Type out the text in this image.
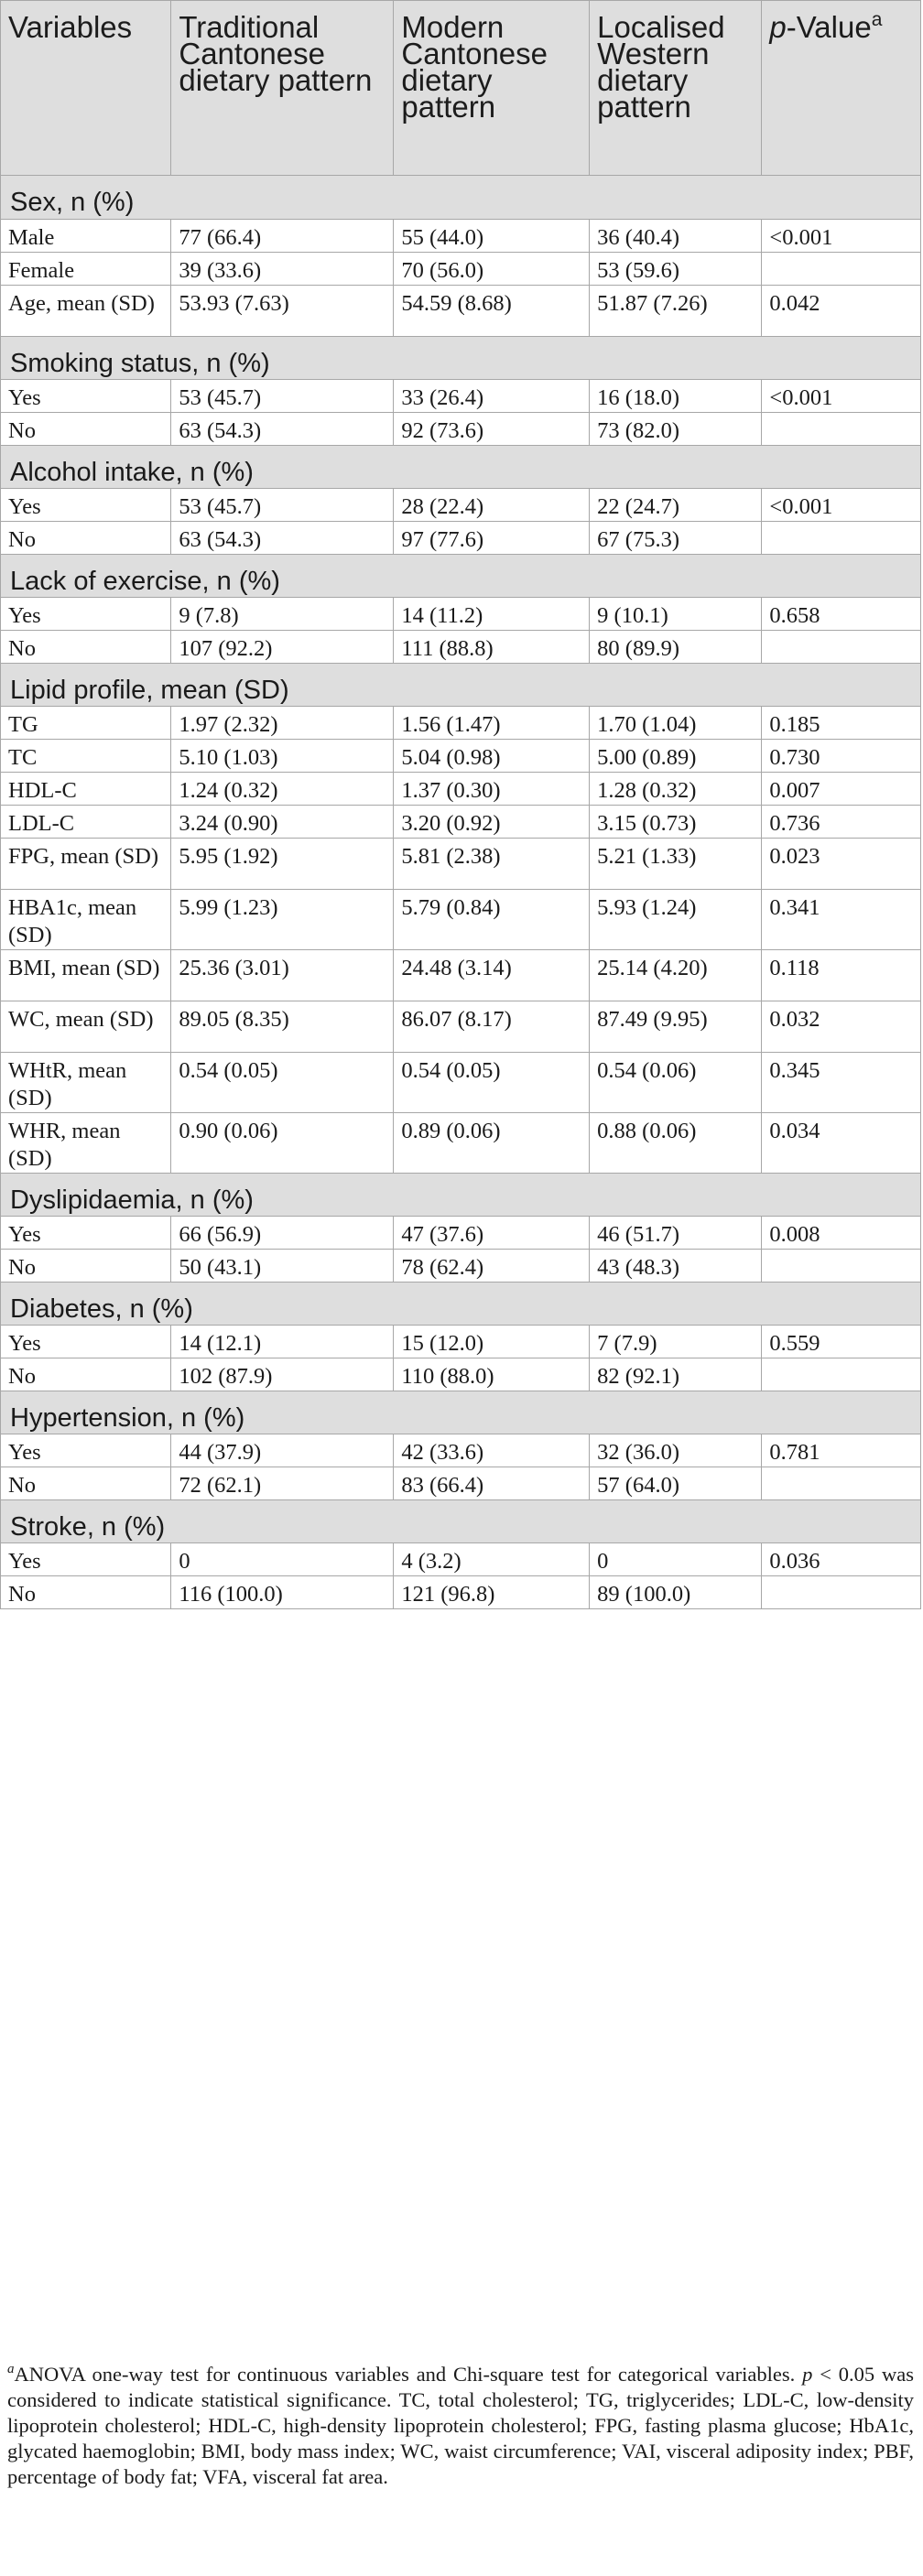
Variables	Traditional Cantonese dietary pattern	Modern Cantonese dietary pattern	Localised Western dietary pattern	p-Value$^a$
Sex, n (%)				
Male	77 (66.4)	55 (44.0)	36 (40.4)	<0.001
Female	39 (33.6)	70 (56.0)	53 (59.6)	
Age, mean (SD)	53.93 (7.63)	54.59 (8.68)	51.87 (7.26)	0.042
Smoking status, n (%)				
Yes	53 (45.7)	33 (26.4)	16 (18.0)	<0.001
No	63 (54.3)	92 (73.6)	73 (82.0)	
Alcohol intake, n (%)				
Yes	53 (45.7)	28 (22.4)	22 (24.7)	<0.001
No	63 (54.3)	97 (77.6)	67 (75.3)	
Lack of exercise, n (%)				
Yes	9 (7.8)	14 (11.2)	9 (10.1)	0.658
No	107 (92.2)	111 (88.8)	80 (89.9)	
Lipid profile, mean (SD)				
TG	1.97 (2.32)	1.56 (1.47)	1.70 (1.04)	0.185
TC	5.10 (1.03)	5.04 (0.98)	5.00 (0.89)	0.730
HDL-C	1.24 (0.32)	1.37 (0.30)	1.28 (0.32)	0.007
LDL-C	3.24 (0.90)	3.20 (0.92)	3.15 (0.73)	0.736
FPG, mean (SD)	5.95 (1.92)	5.81 (2.38)	5.21 (1.33)	0.023
HBA1c, mean (SD)	5.99 (1.23)	5.79 (0.84)	5.93 (1.24)	0.341
BMI, mean (SD)	25.36 (3.01)	24.48 (3.14)	25.14 (4.20)	0.118
WC, mean (SD)	89.05 (8.35)	86.07 (8.17)	87.49 (9.95)	0.032
WHtR, mean (SD)	0.54 (0.05)	0.54 (0.05)	0.54 (0.06)	0.345
WHR, mean (SD)	0.90 (0.06)	0.89 (0.06)	0.88 (0.06)	0.034
Dyslipidaemia, n (%)				
Yes	66 (56.9)	47 (37.6)	46 (51.7)	0.008
No	50 (43.1)	78 (62.4)	43 (48.3)	
Diabetes, n (%)				
Yes	14 (12.1)	15 (12.0)	7 (7.9)	0.559
No	102 (87.9)	110 (88.0)	82 (92.1)	
Hypertension, n (%)				
Yes	44 (37.9)	42 (33.6)	32 (36.0)	0.781
No	72 (62.1)	83 (66.4)	57 (64.0)	
Stroke, n (%)				
Yes	0	4 (3.2)	0	0.036
No	116 (100.0)	121 (96.8)	89 (100.0)	
$^a$ANOVA one-way test for continuous variables and Chi-square test for categorical variables. p < 0.05 was considered to indicate statistical significance. TC, total cholesterol; TG, triglycerides; LDL-C, low-density lipoprotein cholesterol; HDL-C, high-density lipoprotein cholesterol; FPG, fasting plasma glucose; HbA1c, glycated haemoglobin; BMI, body mass index; WC, waist circumference; VAI, visceral adiposity index; PBF, percentage of body fat; VFA, visceral fat area.
